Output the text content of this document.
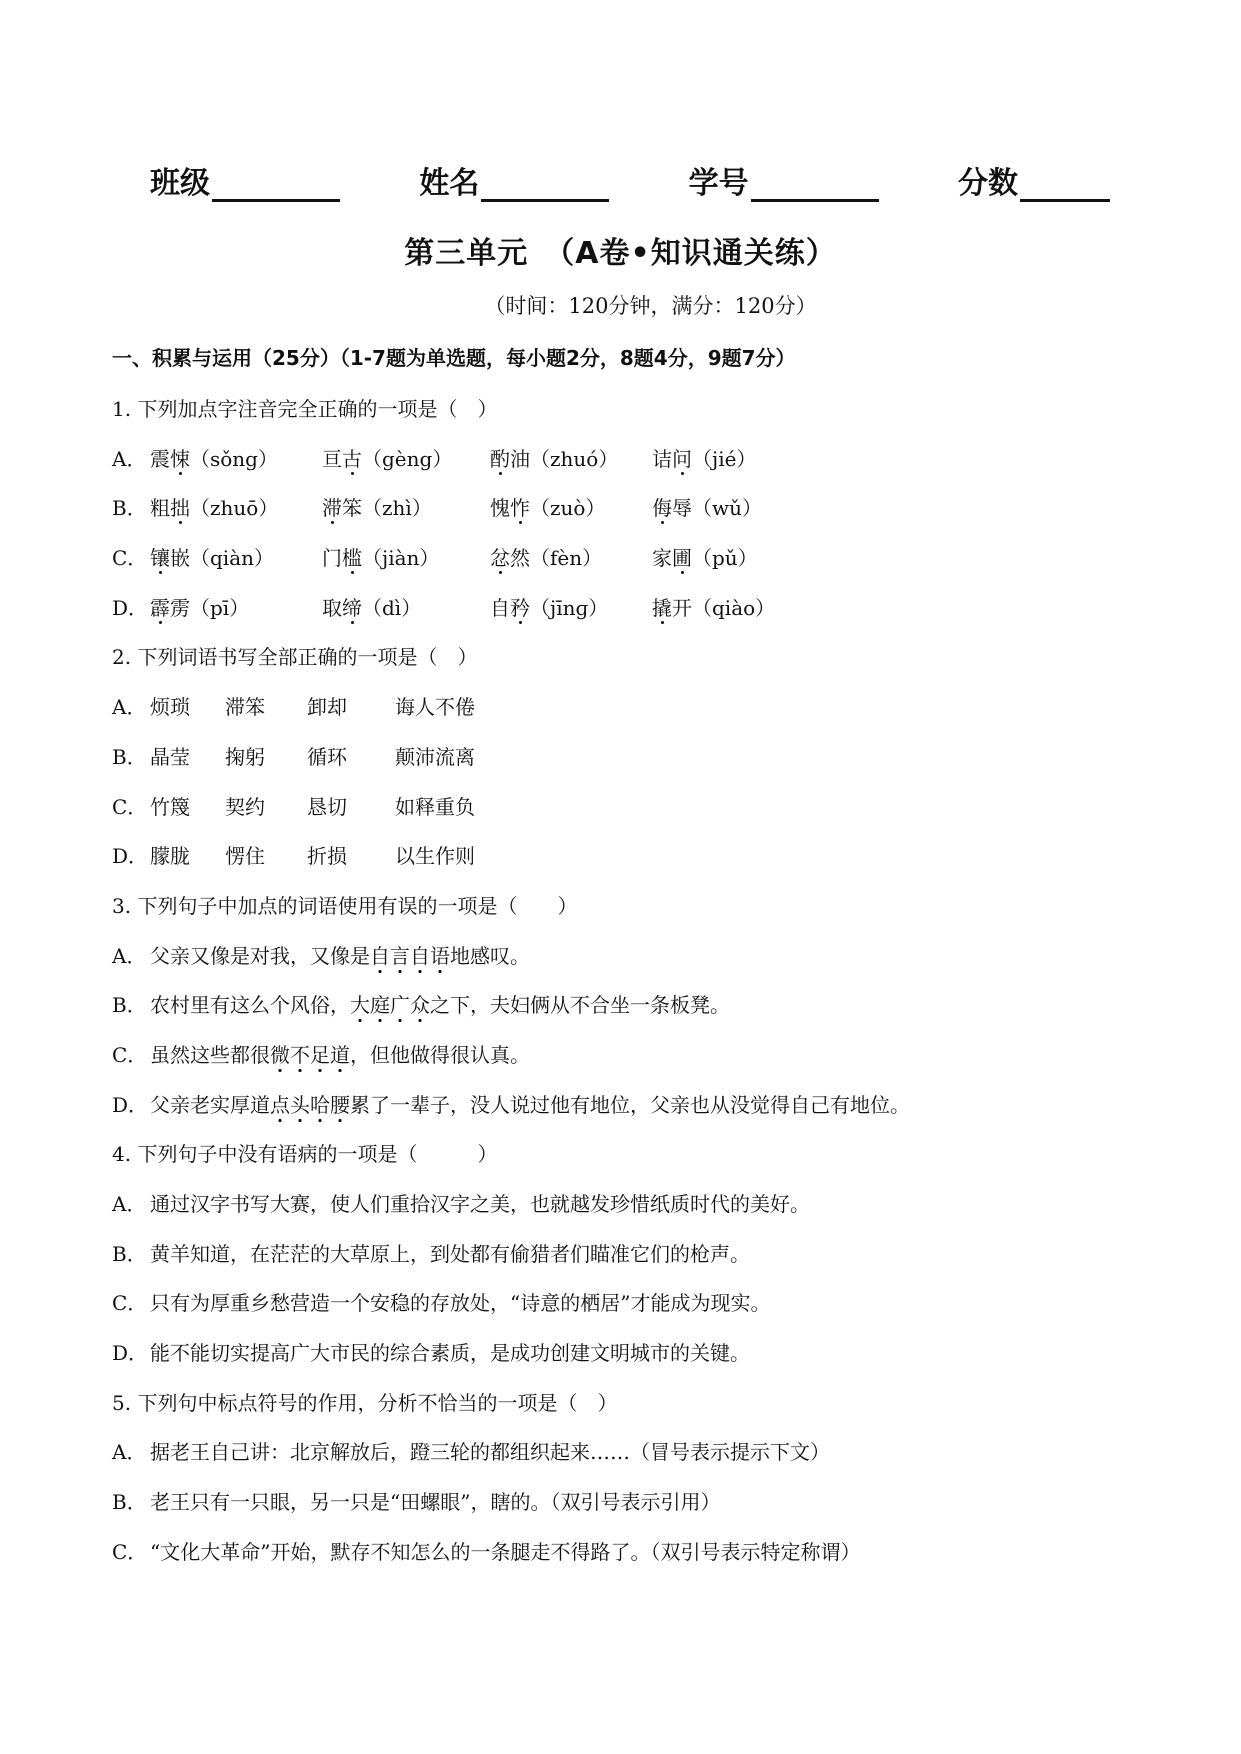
班级	姓名	学号	分数
第三单元　（A卷•知识通关练）
（时间：120分钟，满分：120分）
一、积累与运用（25分）（1-7题为单选题，每小题2分，8题4分，9题7分）
1. 下列加点字注音完全正确的一项是（　）
A． 震悚（sǒng）	亘古（gèng）	酌油（zhuó）	诘问（jié）
B． 粗拙（zhuō）	滞笨（zhì）	愧怍（zuò）	侮辱（wǔ）
C． 镶嵌（qiàn）	门槛（jiàn）	忿然（fèn）	家圃（pǔ）
D． 霹雳（pī）	取缔（dì）	自矜（jīnɡ）	撬开（qiào）
2. 下列词语书写全部正确的一项是（　）
A． 烦琐	滞笨	卸却	诲人不倦
B． 晶莹	掬躬	循环	颠沛流离
C． 竹篾	契约	恳切	如释重负
D． 朦胧	愣住	折损	以生作则
3. 下列句子中加点的词语使用有误的一项是（　　）
A． 父亲又像是对我，又像是自言自语地感叹。
B． 农村里有这么个风俗，大庭广众之下，夫妇俩从不合坐一条板凳。
C． 虽然这些都很微不足道，但他做得很认真。
D． 父亲老实厚道点头哈腰累了一辈子，没人说过他有地位，父亲也从没觉得自己有地位。
4. 下列句子中没有语病的一项是（　　　）
A． 通过汉字书写大赛，使人们重拾汉字之美，也就越发珍惜纸质时代的美好。
B． 黄羊知道，在茫茫的大草原上，到处都有偷猎者们瞄准它们的枪声。
C． 只有为厚重乡愁营造一个安稳的存放处，“诗意的栖居”才能成为现实。
D． 能不能切实提高广大市民的综合素质，是成功创建文明城市的关键。
5. 下列句中标点符号的作用，分析不恰当的一项是（　）
A． 据老王自己讲：北京解放后，蹬三轮的都组织起来……（冒号表示提示下文）
B． 老王只有一只眼，另一只是“田螺眼”，瞎的。（双引号表示引用）
C． “文化大革命”开始，默存不知怎么的一条腿走不得路了。（双引号表示特定称谓）
